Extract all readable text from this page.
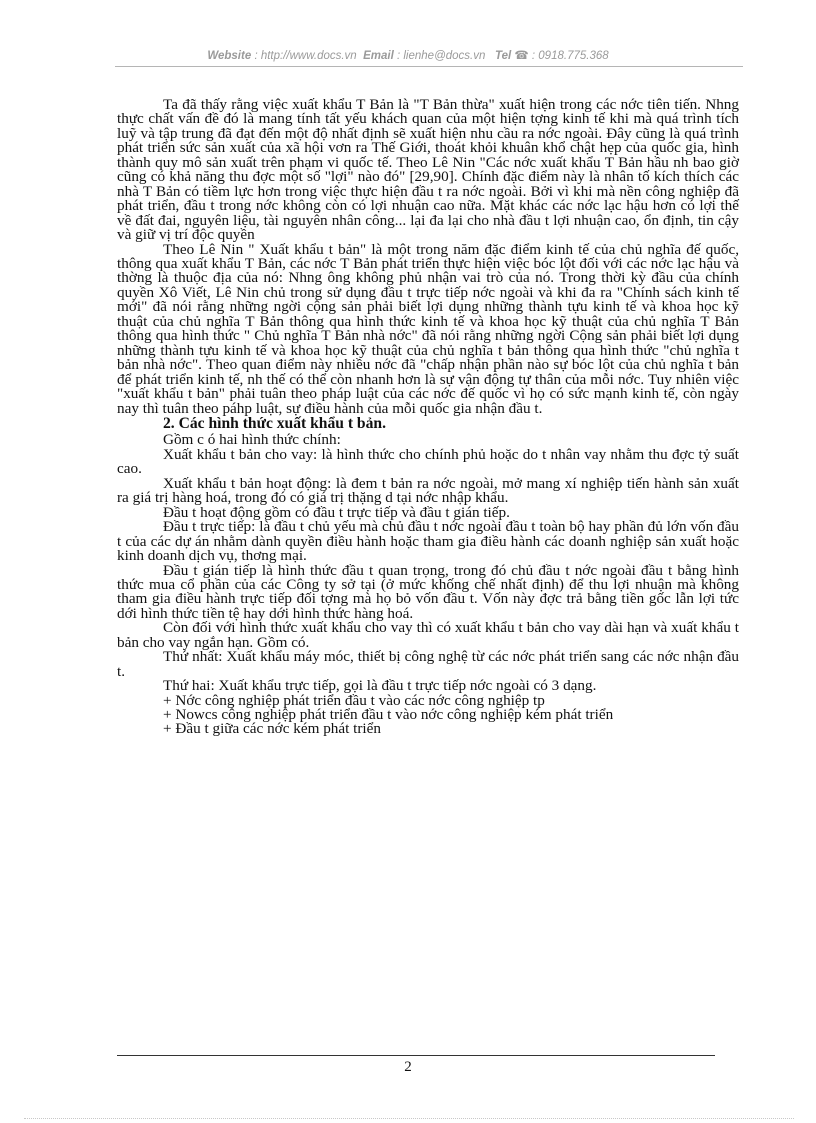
Website : http://www.docs.vn Email : lienhe@docs.vn Tel ☎ : 0918.775.368

Ta đã thấy rằng việc xuất khẩu T Bản là "T Bản thừa" xuất hiện trong các nớc tiên tiến. Nhng thực chất vấn đề đó là mang tính tất yếu khách quan của một hiện tợng kinh tế khi mà quá trình tích luỹ và tập trung đã đạt đến một độ nhất định sẽ xuất hiện nhu cầu ra nớc ngoài. Đây cũng là quá trình phát triển sức sản xuất của xã hội vơn ra Thế Giới, thoát khỏi khuân khổ chật hẹp của quốc gia, hình thành quy mô sản xuất trên phạm vi quốc tế. Theo Lê Nin "Các nớc xuất khẩu T Bản hầu nh bao giờ cũng có khả năng thu đợc một số "lợi" nào đó" [29,90]. Chính đặc điểm này là nhân tố kích thích các nhà T Bản có tiềm lực hơn trong việc thực hiện đầu t ra nớc ngoài. Bởi vì khi mà nền công nghiệp đã phát triển, đầu t trong nớc không còn có lợi nhuận cao nữa. Mặt khác các nớc lạc hậu hơn có lợi thế về đất đai, nguyên liệu, tài nguyên nhân công... lại đa lại cho nhà đầu t lợi nhuận cao, ổn định, tin cậy và giữ vị trí độc quyền

Theo Lê Nin " Xuất khẩu t bản" là một trong năm đặc điểm kinh tế của chủ nghĩa đế quốc, thông qua xuất khẩu T Bản, các nớc T Bản phát triển thực hiện việc bóc lột đối với các nớc lạc hậu và thờng là thuộc địa của nó: Nhng ông không phủ nhận vai trò của nó. Trong thời kỳ đầu của chính quyền Xô Viết, Lê Nin chủ trong sử dụng đầu t trực tiếp nớc ngoài và khi đa ra "Chính sách kinh tế mới" đã nói rằng những ngời cộng sản phải biết lợi dụng những thành tựu kinh tế và khoa học kỹ thuật của chủ nghĩa T Bản thông qua hình thức kinh tế và khoa học kỹ thuật của chủ nghĩa T Bản thông qua hình thức " Chủ nghĩa T Bản nhà nớc" đã nói rằng những ngời Cộng sản phải biết lợi dụng những thành tựu kinh tế và khoa học kỹ thuật của chủ nghĩa t bản thông qua hình thức "chủ nghĩa t bản nhà nớc". Theo quan điểm này nhiều nớc đã "chấp nhận phần nào sự bóc lột của chủ nghĩa t bản để phát triển kinh tế, nh thế có thể còn nhanh hơn là sự vận động tự thân của mỗi nớc. Tuy nhiên việc "xuất khẩu t bản" phải tuân theo pháp luật của các nớc đế quốc vì họ có sức mạnh kinh tế, còn ngày nay thì tuân theo páhp luật, sự điều hành của mỗi quốc gia nhận đầu t.

2. Các hình thức xuất khẩu t bản.

Gồm c ó hai hình thức chính:

Xuất khẩu t bản cho vay: là hình thức cho chính phủ hoặc do t nhân vay nhằm thu đợc tỷ suất cao.

Xuất khẩu t bản hoạt động: là đem t bản ra nớc ngoài, mở mang xí nghiệp tiến hành sản xuất ra giá trị hàng hoá, trong đó có giá trị thặng d tại nớc nhập khẩu.

Đầu t hoạt động gồm có đầu t trực tiếp và đầu t gián tiếp.

Đầu t trực tiếp: là đầu t chủ yếu mà chủ đầu t nớc ngoài đầu t toàn bộ hay phần đủ lớn vốn đầu t của các dự án nhằm dành quyền điều hành hoặc tham gia điều hành các doanh nghiệp sản xuất hoặc kinh doanh dịch vụ, thơng mại.

Đầu t gián tiếp là hình thức đầu t quan trọng, trong đó chủ đầu t nớc ngoài đầu t bằng hình thức mua cổ phần của các Công ty sở tại (ở mức khống chế nhất định) để thu lợi nhuận mà không tham gia điều hành trực tiếp đối tợng mà họ bỏ vốn đầu t. Vốn này đợc trả bằng tiền gốc lẫn lợi tức dới hình thức tiền tệ hay dới hình thức hàng hoá.

Còn đối với hình thức xuất khẩu cho vay thì có xuất khẩu t bản cho vay dài hạn và xuất khẩu t bản cho vay ngắn hạn. Gồm có.

Thứ nhất: Xuất khẩu máy móc, thiết bị công nghệ từ các nớc phát triển sang các nớc nhận đầu t.

Thứ hai: Xuất khẩu trực tiếp, gọi là đầu t trực tiếp nớc ngoài có 3 dạng.

+ Nớc công nghiệp phát triển đầu t vào các nớc công nghiệp tp

+ Nowcs công nghiệp phát triển đầu t vào nớc công nghiệp kém phát triển

+ Đầu t giữa các nớc kém phát triển

2
